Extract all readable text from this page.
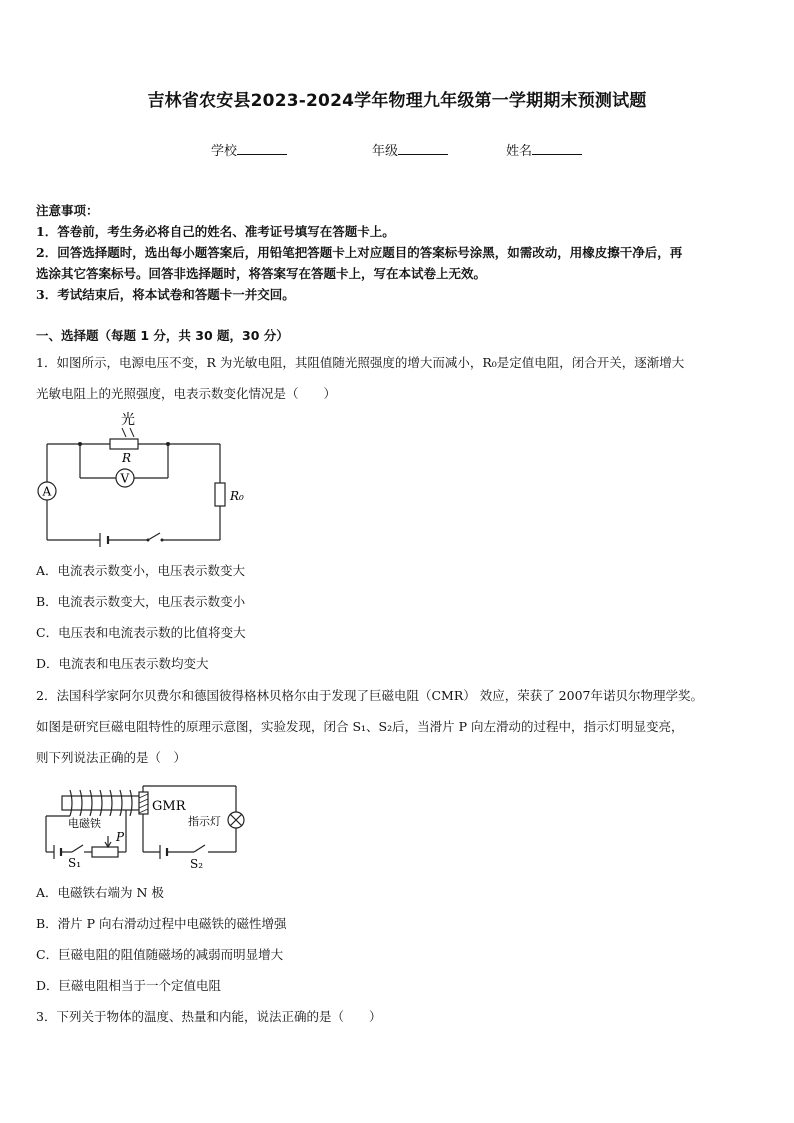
吉林省农安县2023-2024学年物理九年级第一学期期末预测试题
学校	年级	姓名
注意事项：
1．答卷前，考生务必将自己的姓名、准考证号填写在答题卡上。
2．回答选择题时，选出每小题答案后，用铅笔把答题卡上对应题目的答案标号涂黑，如需改动，用橡皮擦干净后，再
选涂其它答案标号。回答非选择题时，将答案写在答题卡上，写在本试卷上无效。
3．考试结束后，将本试卷和答题卡一并交回。
一、选择题（每题 1 分，共 30 题，30 分）
1．如图所示，电源电压不变，R 为光敏电阻，其阻值随光照强度的增大而减小，R₀是定值电阻，闭合开关，逐渐增大
光敏电阻上的光照强度，电表示数变化情况是（　　）
光
R
V
A	R₀
A．电流表示数变小，电压表示数变大
B．电流表示数变大，电压表示数变小
C．电压表和电流表示数的比值将变大
D．电流表和电压表示数均变大
2．法国科学家阿尔贝费尔和德国彼得格林贝格尔由于发现了巨磁电阻（CMR） 效应，荣获了 2007年诺贝尔物理学奖。
如图是研究巨磁电阻特性的原理示意图，实验发现，闭合 S₁、S₂后，当滑片 P 向左滑动的过程中，指示灯明显变亮，
则下列说法正确的是（　）
电磁铁
P
S₁
GMR
指示灯
S₂
A．电磁铁右端为 N 极
B．滑片 P 向右滑动过程中电磁铁的磁性增强
C．巨磁电阻的阻值随磁场的减弱而明显增大
D．巨磁电阻相当于一个定值电阻
3．下列关于物体的温度、热量和内能，说法正确的是（　　）
